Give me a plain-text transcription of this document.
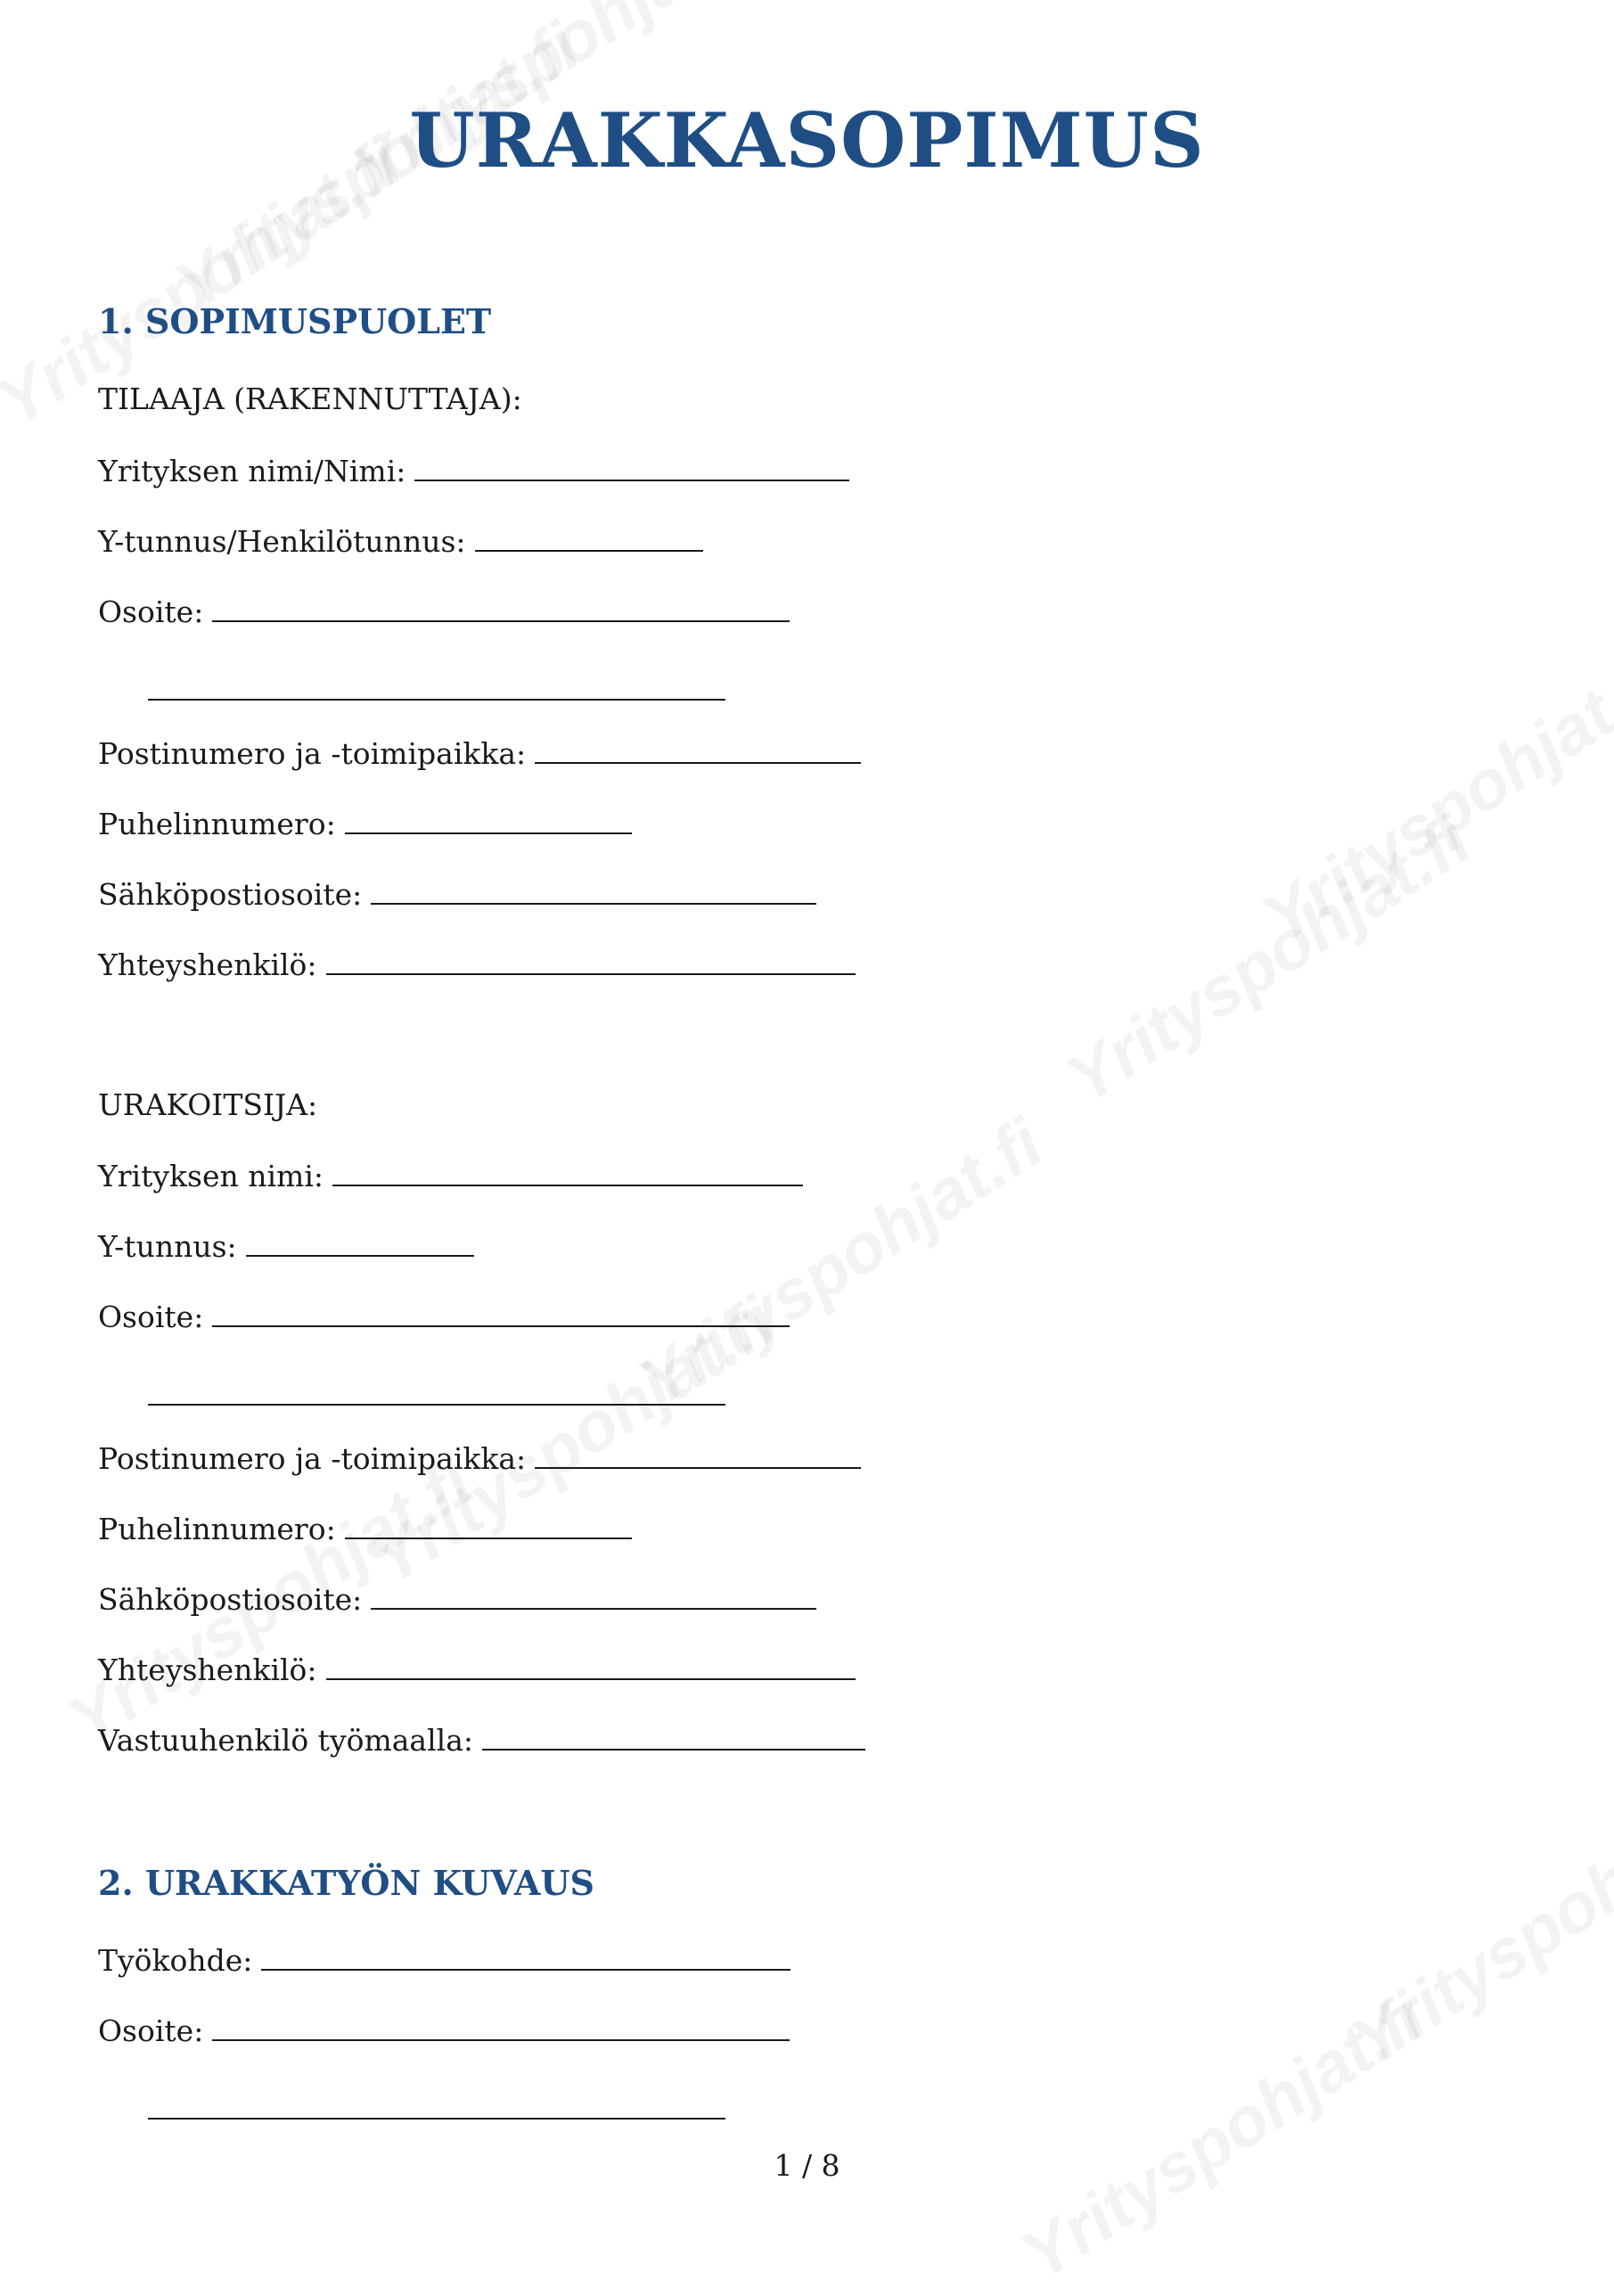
URAKKASOPIMUS
1. SOPIMUSPUOLET
TILAAJA (RAKENNUTTAJA):
Yrityksen nimi/Nimi:
Y-tunnus/Henkilötunnus:
Osoite:
Postinumero ja -toimipaikka:
Puhelinnumero:
Sähköpostiosoite:
Yhteyshenkilö:
URAKOITSIJA:
Yrityksen nimi:
Y-tunnus:
Osoite:
Postinumero ja -toimipaikka:
Puhelinnumero:
Sähköpostiosoite:
Yhteyshenkilö:
Vastuuhenkilö työmaalla:
2. URAKKATYÖN KUVAUS
Työkohde:
Osoite:
1 / 8
